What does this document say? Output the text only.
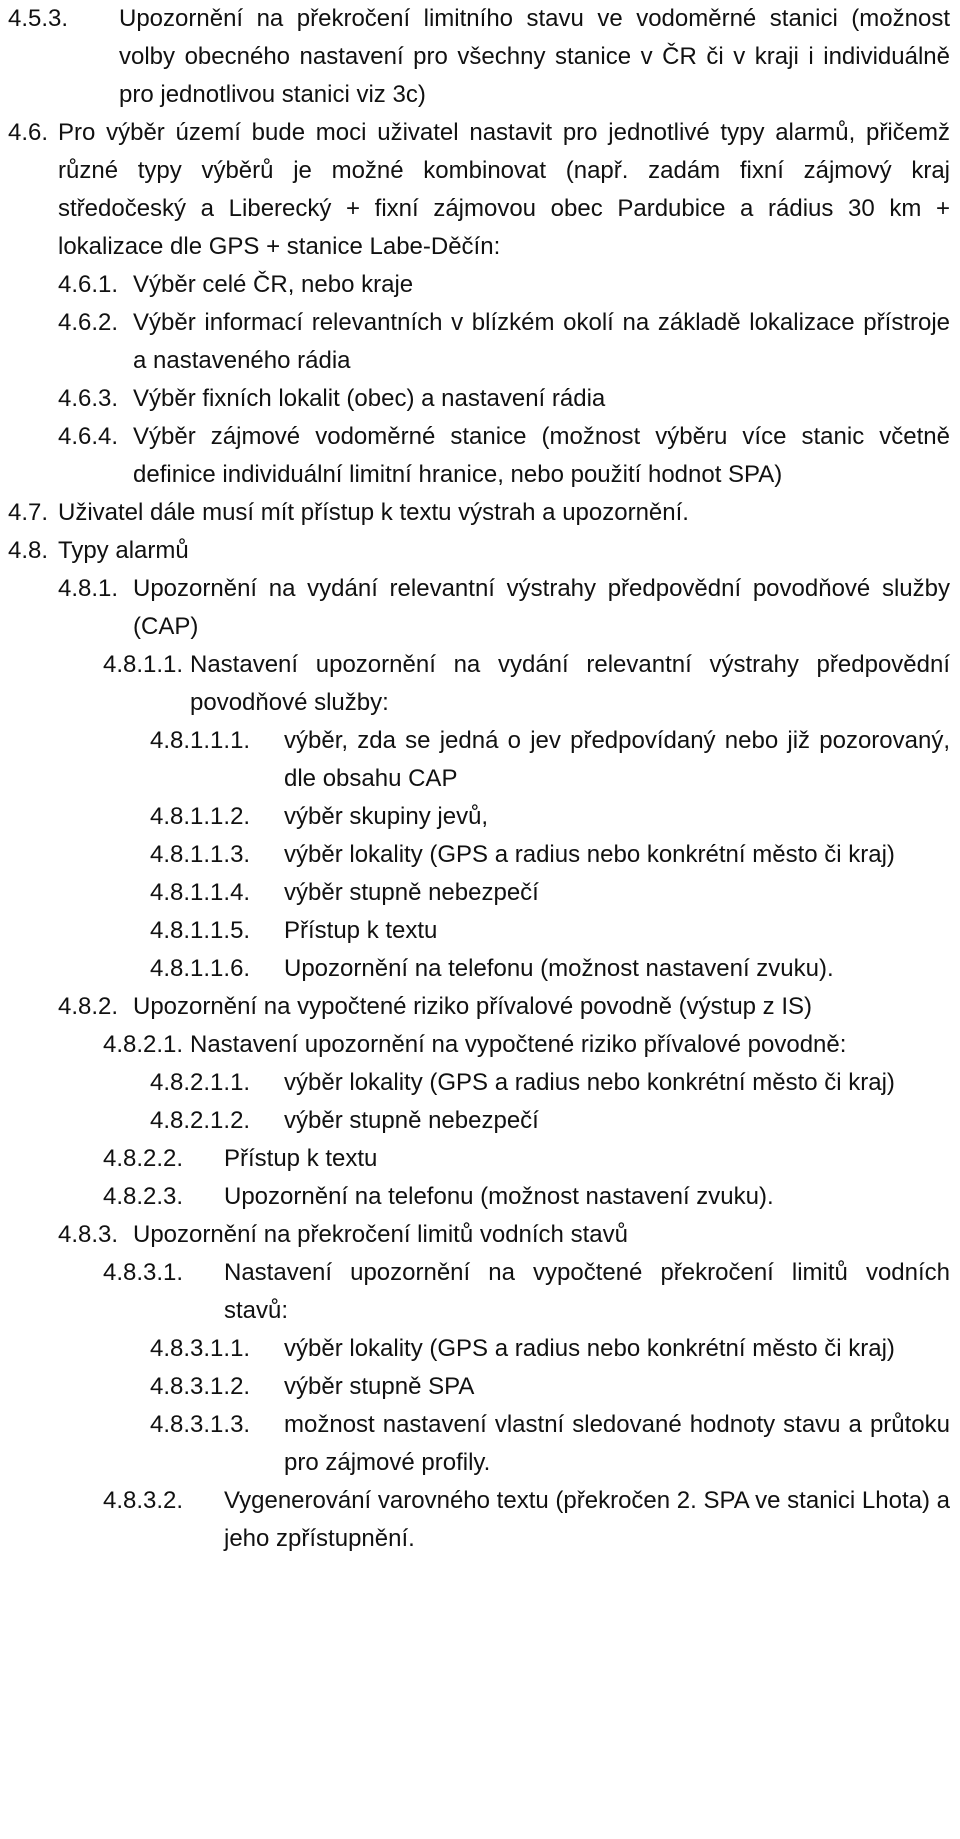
4.5.3.	Upozornění na překročení limitního stavu ve vodoměrné stanici (možnost volby obecného nastavení pro všechny stanice v ČR či v kraji i individuálně pro jednotlivou stanici viz 3c)
4.6. Pro výběr území bude moci uživatel nastavit pro jednotlivé typy alarmů, přičemž různé typy výběrů je možné kombinovat (např. zadám fixní zájmový kraj středočeský a Liberecký + fixní zájmovou obec Pardubice a rádius 30 km + lokalizace dle GPS + stanice Labe-Děčín:
4.6.1. Výběr celé ČR, nebo kraje
4.6.2. Výběr informací relevantních v blízkém okolí na základě lokalizace přístroje a nastaveného rádia
4.6.3. Výběr fixních lokalit (obec) a nastavení rádia
4.6.4. Výběr zájmové vodoměrné stanice (možnost výběru více stanic včetně definice individuální limitní hranice, nebo použití hodnot SPA)
4.7. Uživatel dále musí mít přístup k textu výstrah a upozornění.
4.8. Typy alarmů
4.8.1. Upozornění na vydání relevantní výstrahy předpovědní povodňové služby (CAP)
4.8.1.1. Nastavení upozornění na vydání relevantní výstrahy předpovědní povodňové služby:
4.8.1.1.1.	výběr, zda se jedná o jev předpovídaný nebo již pozorovaný, dle obsahu CAP
4.8.1.1.2.	výběr skupiny jevů,
4.8.1.1.3.	výběr lokality (GPS a radius nebo konkrétní město či kraj)
4.8.1.1.4.	výběr stupně nebezpečí
4.8.1.1.5.	Přístup k textu
4.8.1.1.6.	Upozornění na telefonu (možnost nastavení zvuku).
4.8.2. Upozornění na vypočtené riziko přívalové povodně (výstup z IS)
4.8.2.1. Nastavení upozornění na vypočtené riziko přívalové povodně:
4.8.2.1.1.	výběr lokality (GPS a radius nebo konkrétní město či kraj)
4.8.2.1.2.	výběr stupně nebezpečí
4.8.2.2.	Přístup k textu
4.8.2.3.	Upozornění na telefonu (možnost nastavení zvuku).
4.8.3. Upozornění na překročení limitů vodních stavů
4.8.3.1.	Nastavení upozornění na vypočtené překročení limitů vodních stavů:
4.8.3.1.1.	výběr lokality (GPS a radius nebo konkrétní město či kraj)
4.8.3.1.2.	výběr stupně SPA
4.8.3.1.3.	možnost nastavení vlastní sledované hodnoty stavu a průtoku pro zájmové profily.
4.8.3.2.	Vygenerování varovného textu (překročen 2. SPA ve stanici Lhota) a jeho zpřístupnění.
